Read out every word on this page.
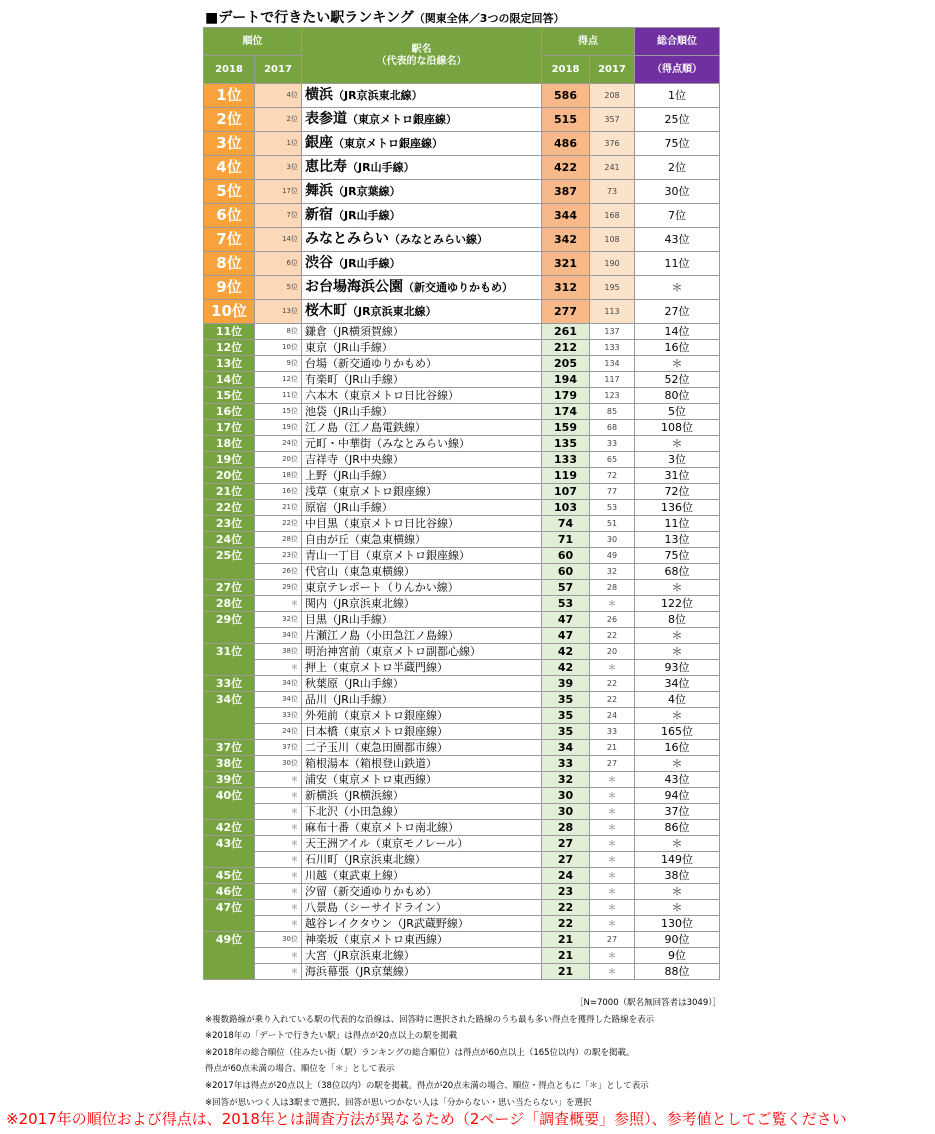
■デートで行きたい駅ランキング（関東全体／3つの限定回答）
順位		駅名
（代表的な沿線名）	得点		総合順位
2018	2017		2018	2017	（得点順）
1位	4位	横浜（JR京浜東北線）	586	208	1位
2位	2位	表参道（東京メトロ銀座線）	515	357	25位
3位	1位	銀座（東京メトロ銀座線）	486	376	75位
4位	3位	恵比寿（JR山手線）	422	241	2位
5位	17位	舞浜（JR京葉線）	387	73	30位
6位	7位	新宿（JR山手線）	344	168	7位
7位	14位	みなとみらい（みなとみらい線）	342	108	43位
8位	6位	渋谷（JR山手線）	321	190	11位
9位	5位	お台場海浜公園（新交通ゆりかもめ）	312	195	＊
10位	13位	桜木町（JR京浜東北線）	277	113	27位
11位	8位	鎌倉（JR横須賀線）	261	137	14位
12位	10位	東京（JR山手線）	212	133	16位
13位	9位	台場（新交通ゆりかもめ）	205	134	＊
14位	12位	有楽町（JR山手線）	194	117	52位
15位	11位	六本木（東京メトロ日比谷線）	179	123	80位
16位	15位	池袋（JR山手線）	174	85	5位
17位	19位	江ノ島（江ノ島電鉄線）	159	68	108位
18位	24位	元町・中華街（みなとみらい線）	135	33	＊
19位	20位	吉祥寺（JR中央線）	133	65	3位
20位	18位	上野（JR山手線）	119	72	31位
21位	16位	浅草（東京メトロ銀座線）	107	77	72位
22位	21位	原宿（JR山手線）	103	53	136位
23位	22位	中目黒（東京メトロ日比谷線）	74	51	11位
24位	28位	自由が丘（東急東横線）	71	30	13位
25位	23位	青山一丁目（東京メトロ銀座線）	60	49	75位
	26位	代官山（東急東横線）	60	32	68位
27位	29位	東京テレポート（りんかい線）	57	28	＊
28位	＊	関内（JR京浜東北線）	53	＊	122位
29位	32位	目黒（JR山手線）	47	26	8位
	34位	片瀬江ノ島（小田急江ノ島線）	47	22	＊
31位	38位	明治神宮前（東京メトロ副都心線）	42	20	＊
	＊	押上（東京メトロ半蔵門線）	42	＊	93位
33位	34位	秋葉原（JR山手線）	39	22	34位
34位	34位	品川（JR山手線）	35	22	4位
	33位	外苑前（東京メトロ銀座線）	35	24	＊
	24位	日本橋（東京メトロ銀座線）	35	33	165位
37位	37位	二子玉川（東急田園都市線）	34	21	16位
38位	30位	箱根湯本（箱根登山鉄道）	33	27	＊
39位	＊	浦安（東京メトロ東西線）	32	＊	43位
40位	＊	新横浜（JR横浜線）	30	＊	94位
	＊	下北沢（小田急線）	30	＊	37位
42位	＊	麻布十番（東京メトロ南北線）	28	＊	86位
43位	＊	天王洲アイル（東京モノレール）	27	＊	＊
	＊	石川町（JR京浜東北線）	27	＊	149位
45位	＊	川越（東武東上線）	24	＊	38位
46位	＊	汐留（新交通ゆりかもめ）	23	＊	＊
47位	＊	八景島（シーサイドライン）	22	＊	＊
	＊	越谷レイクタウン（JR武蔵野線）	22	＊	130位
49位	30位	神楽坂（東京メトロ東西線）	21	27	90位
	＊	大宮（JR京浜東北線）	21	＊	9位
	＊	海浜幕張（JR京葉線）	21	＊	88位
［N=7000（駅名無回答者は3049）］
※複数路線が乗り入れている駅の代表的な沿線は、回答時に選択された路線のうち最も多い得点を獲得した路線を表示
※2018年の「デートで行きたい駅」は得点が20点以上の駅を掲載
※2018年の総合順位（住みたい街（駅）ランキングの総合順位）は得点が60点以上（165位以内）の駅を掲載。
得点が60点未満の場合、順位を「＊」として表示
※2017年は得点が20点以上（38位以内）の駅を掲載。得点が20点未満の場合、順位・得点ともに「＊」として表示
※回答が思いつく人は3駅まで選択、回答が思いつかない人は「分からない・思い当たらない」を選択
※2017年の順位および得点は、2018年とは調査方法が異なるため（2ページ「調査概要」参照）、参考値としてご覧ください
